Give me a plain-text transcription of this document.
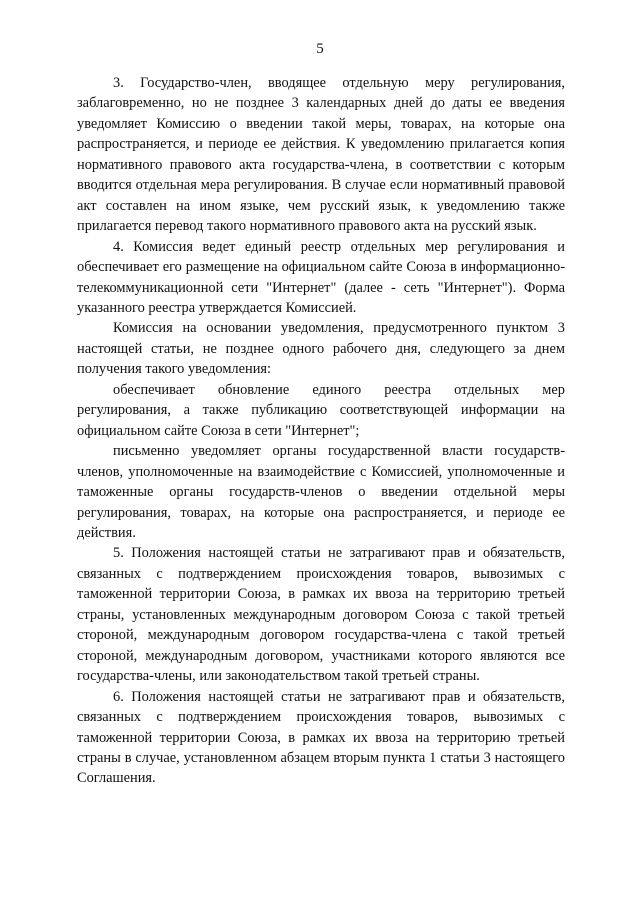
5

3. Государство-член, вводящее отдельную меру регулирования, заблаговременно, но не позднее 3 календарных дней до даты ее введения уведомляет Комиссию о введении такой меры, товарах, на которые она распространяется, и периоде ее действия. К уведомлению прилагается копия нормативного правового акта государства-члена, в соответствии с которым вводится отдельная мера регулирования. В случае если нормативный правовой акт составлен на ином языке, чем русский язык, к уведомлению также прилагается перевод такого нормативного правового акта на русский язык.

4. Комиссия ведет единый реестр отдельных мер регулирования и обеспечивает его размещение на официальном сайте Союза в информационно-телекоммуникационной сети "Интернет" (далее - сеть "Интернет"). Форма указанного реестра утверждается Комиссией.

Комиссия на основании уведомления, предусмотренного пунктом 3 настоящей статьи, не позднее одного рабочего дня, следующего за днем получения такого уведомления:

обеспечивает обновление единого реестра отдельных мер регулирования, а также публикацию соответствующей информации на официальном сайте Союза в сети "Интернет";

письменно уведомляет органы государственной власти государств-членов, уполномоченные на взаимодействие с Комиссией, уполномоченные и таможенные органы государств-членов о введении отдельной меры регулирования, товарах, на которые она распространяется, и периоде ее действия.

5. Положения настоящей статьи не затрагивают прав и обязательств, связанных с подтверждением происхождения товаров, вывозимых с таможенной территории Союза, в рамках их ввоза на территорию третьей страны, установленных международным договором Союза с такой третьей стороной, международным договором государства-члена с такой третьей стороной, международным договором, участниками которого являются все государства-члены, или законодательством такой третьей страны.

6. Положения настоящей статьи не затрагивают прав и обязательств, связанных с подтверждением происхождения товаров, вывозимых с таможенной территории Союза, в рамках их ввоза на территорию третьей страны в случае, установленном абзацем вторым пункта 1 статьи 3 настоящего Соглашения.
